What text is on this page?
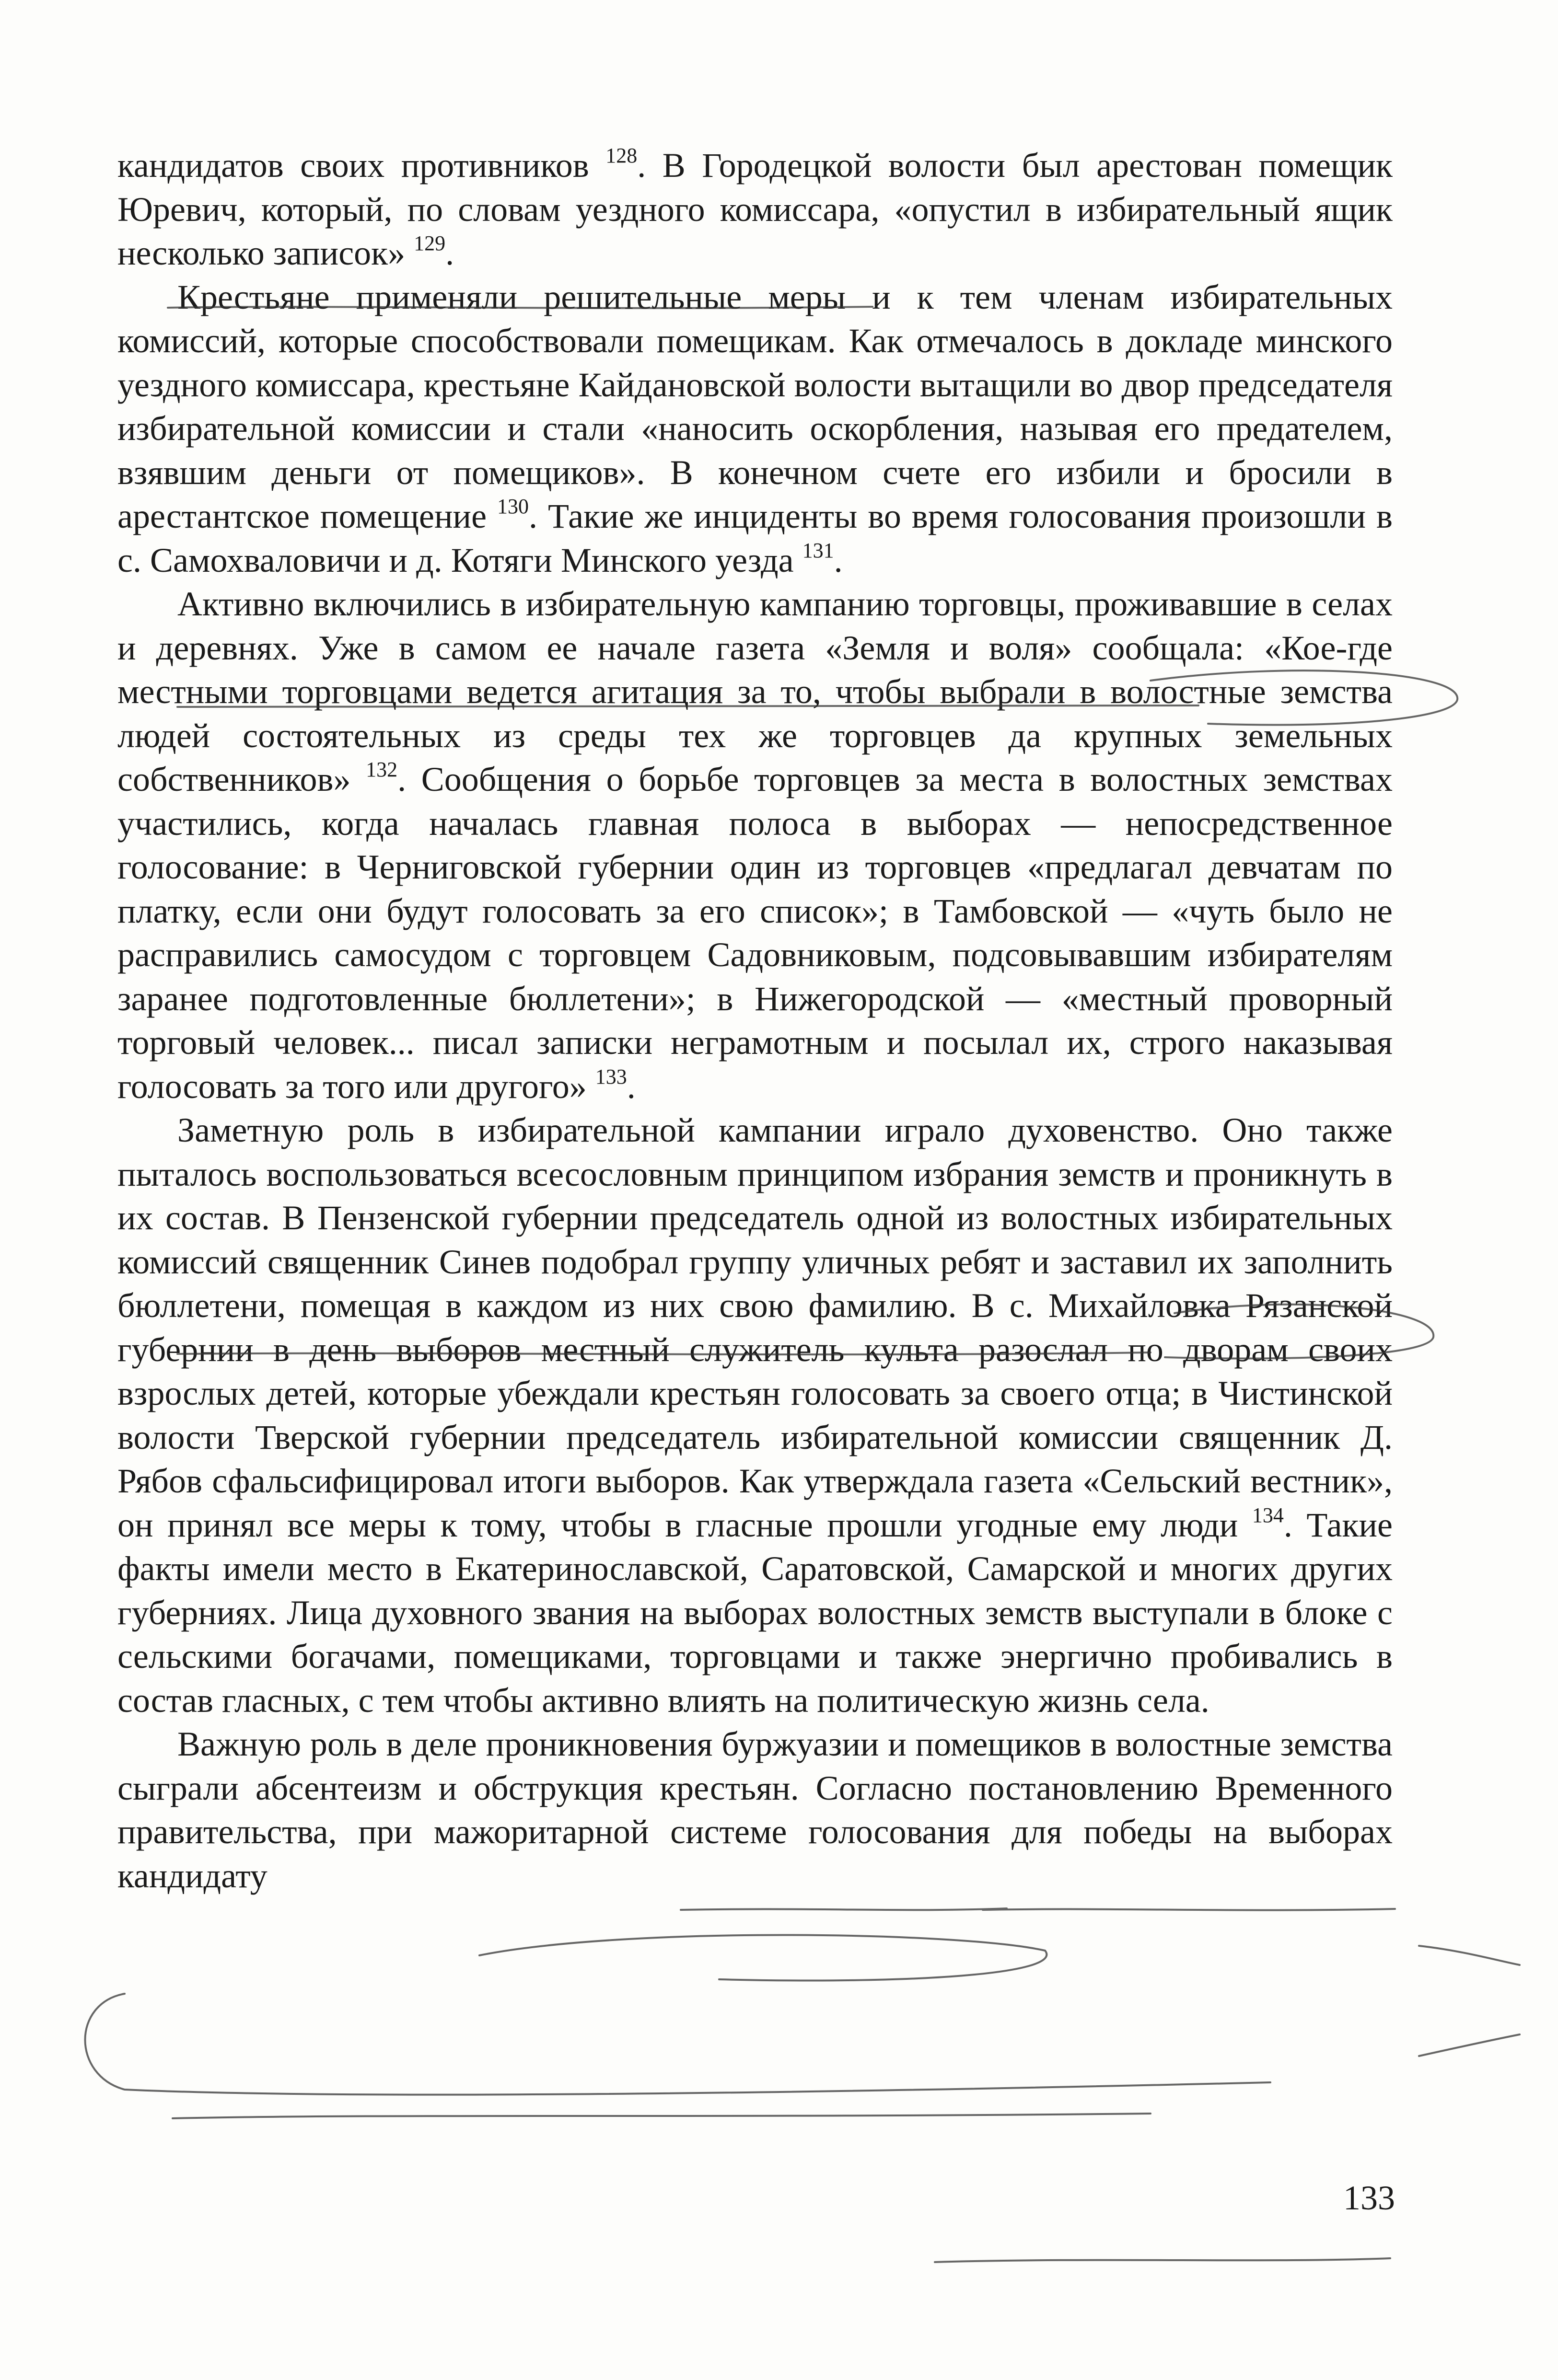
кандидатов своих противников $^{128}$. В Городецкой волости был арестован помещик Юревич, который, по словам уездного комиссара, «опустил в избирательный ящик несколько записок» $^{129}$.

Крестьяне применяли решительные меры и к тем членам избирательных комиссий, которые способствовали помещикам. Как отмечалось в докладе минского уездного комиссара, крестьяне Кайдановской волости вытащили во двор председателя избирательной комиссии и стали «наносить оскорбления, называя его предателем, взявшим деньги от помещиков». В конечном счете его избили и бросили в арестантское помещение $^{130}$. Такие же инциденты во время голосования произошли в с. Самохваловичи и д. Котяги Минского уезда $^{131}$.

Активно включились в избирательную кампанию торговцы, проживавшие в селах и деревнях. Уже в самом ее начале газета «Земля и воля» сообщала: «Кое-где местными торговцами ведется агитация за то, чтобы выбрали в волостные земства людей состоятельных из среды тех же торговцев да крупных земельных собственников» $^{132}$. Сообщения о борьбе торговцев за места в волостных земствах участились, когда началась главная полоса в выборах — непосредственное голосование: в Черниговской губернии один из торговцев «предлагал девчатам по платку, если они будут голосовать за его список»; в Тамбовской — «чуть было не расправились самосудом с торговцем Садовниковым, подсовывавшим избирателям заранее подготовленные бюллетени»; в Нижегородской — «местный проворный торговый человек... писал записки неграмотным и посылал их, строго наказывая голосовать за того или другого» $^{133}$.

Заметную роль в избирательной кампании играло духовенство. Оно также пыталось воспользоваться всесословным принципом избрания земств и проникнуть в их состав. В Пензенской губернии председатель одной из волостных избирательных комиссий священник Синев подобрал группу уличных ребят и заставил их заполнить бюллетени, помещая в каждом из них свою фамилию. В с. Михайловка Рязанской губернии в день выборов местный служитель культа разослал по дворам своих взрослых детей, которые убеждали крестьян голосовать за своего отца; в Чистинской волости Тверской губернии председатель избирательной комиссии священник Д. Рябов сфальсифицировал итоги выборов. Как утверждала газета «Сельский вестник», он принял все меры к тому, чтобы в гласные прошли угодные ему люди $^{134}$. Такие факты имели место в Екатеринославской, Саратовской, Самарской и многих других губерниях. Лица духовного звания на выборах волостных земств выступали в блоке с сельскими богачами, помещиками, торговцами и также энергично пробивались в состав гласных, с тем чтобы активно влиять на политическую жизнь села.

Важную роль в деле проникновения буржуазии и помещиков в волостные земства сыграли абсентеизм и обструкция крестьян. Согласно постановлению Временного правительства, при мажоритарной системе голосования для победы на выборах кандидату

133
